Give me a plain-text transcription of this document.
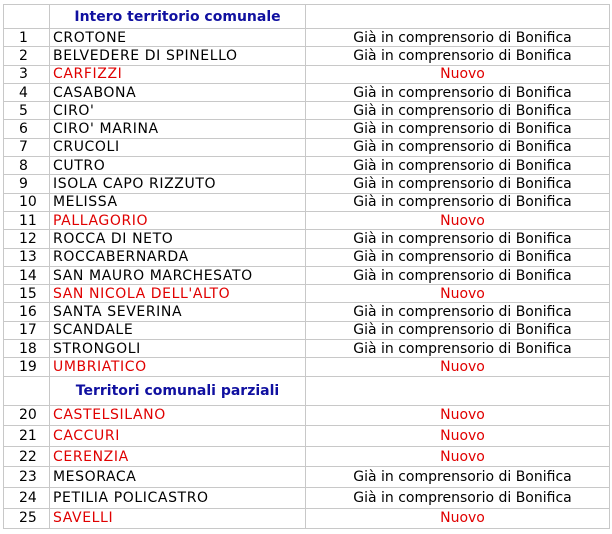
	Intero territorio comunale	
1	CROTONE	Già in comprensorio di Bonifica
2	BELVEDERE DI SPINELLO	Già in comprensorio di Bonifica
3	CARFIZZI	Nuovo
4	CASABONA	Già in comprensorio di Bonifica
5	CIRO'	Già in comprensorio di Bonifica
6	CIRO' MARINA	Già in comprensorio di Bonifica
7	CRUCOLI	Già in comprensorio di Bonifica
8	CUTRO	Già in comprensorio di Bonifica
9	ISOLA CAPO RIZZUTO	Già in comprensorio di Bonifica
10	MELISSA	Già in comprensorio di Bonifica
11	PALLAGORIO	Nuovo
12	ROCCA DI NETO	Già in comprensorio di Bonifica
13	ROCCABERNARDA	Già in comprensorio di Bonifica
14	SAN MAURO MARCHESATO	Già in comprensorio di Bonifica
15	SAN NICOLA DELL'ALTO	Nuovo
16	SANTA SEVERINA	Già in comprensorio di Bonifica
17	SCANDALE	Già in comprensorio di Bonifica
18	STRONGOLI	Già in comprensorio di Bonifica
19	UMBRIATICO	Nuovo
	Territori comunali parziali	
20	CASTELSILANO	Nuovo
21	CACCURI	Nuovo
22	CERENZIA	Nuovo
23	MESORACA	Già in comprensorio di Bonifica
24	PETILIA POLICASTRO	Già in comprensorio di Bonifica
25	SAVELLI	Nuovo
